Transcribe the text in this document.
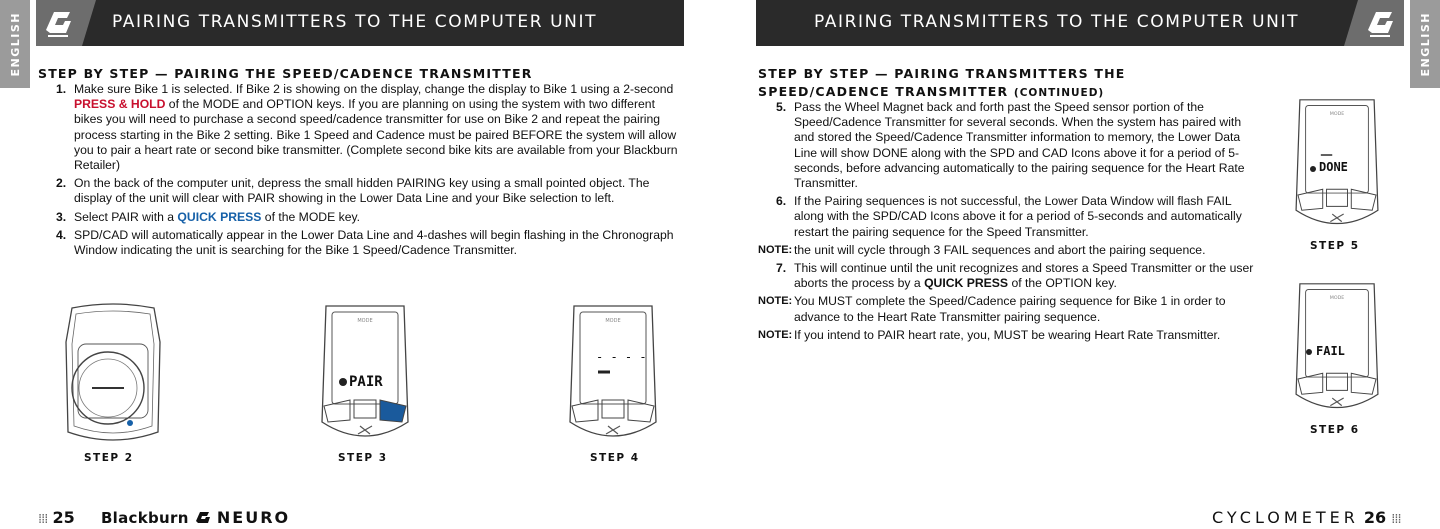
ENGLISH	PAIRING TRANSMITTERS TO THE COMPUTER UNIT
STEP BY STEP — PAIRING THE SPEED/CADENCE TRANSMITTER
1. Make sure Bike 1 is selected. If Bike 2 is showing on the display, change the display to Bike 1 using a 2-second PRESS & HOLD of the MODE and OPTION keys. If you are planning on using the system with two different bikes you will need to purchase a second speed/cadence transmitter for use on Bike 2 and repeat the pairing process starting in the Bike 2 setting. Bike 1 Speed and Cadence must be paired BEFORE the system will allow you to pair a heart rate or second bike transmitter. (Complete second bike kits are available from your Blackburn Retailer)
2. On the back of the computer unit, depress the small hidden PAIRING key using a small pointed object. The display of the unit will clear with PAIR showing in the Lower Data Line and your Bike selection to left.
3. Select PAIR with a QUICK PRESS of the MODE key.
4. SPD/CAD will automatically appear in the Lower Data Line and 4-dashes will begin flashing in the Chronograph Window indicating the unit is searching for the Bike 1 Speed/Cadence Transmitter.
STEP 2
MODE
PAIR
STEP 3
MODE
- - - -
STEP 4
⁞⁞⁞ 25 Blackburn NEURO
ENGLISH
PAIRING TRANSMITTERS TO THE COMPUTER UNIT
STEP BY STEP — PAIRING TRANSMITTERS THE
SPEED/CADENCE TRANSMITTER (CONTINUED)
5. Pass the Wheel Magnet back and forth past the Speed sensor portion of the Speed/Cadence Transmitter for several seconds. When the system has paired with and stored the Speed/Cadence Transmitter information to memory, the Lower Data Line will show DONE along with the SPD and CAD Icons above it for a period of 5-seconds, before advancing automatically to the pairing sequence for the Heart Rate Transmitter.
6. If the Pairing sequences is not successful, the Lower Data Window will flash FAIL along with the SPD/CAD Icons above it for a period of 5-seconds and automatically restart the pairing sequence for the Speed Transmitter.
NOTE: the unit will cycle through 3 FAIL sequences and abort the pairing sequence.
7. This will continue until the unit recognizes and stores a Speed Transmitter or the user aborts the process by a QUICK PRESS of the OPTION key.
NOTE: You MUST complete the Speed/Cadence pairing sequence for Bike 1 in order to advance to the Heart Rate Transmitter pairing sequence.
NOTE: If you intend to PAIR heart rate, you, MUST be wearing Heart Rate Transmitter.
MODE
DONE
STEP 5
MODE
FAIL
STEP 6
CYCLOMETER 26 ⁞⁞⁞
